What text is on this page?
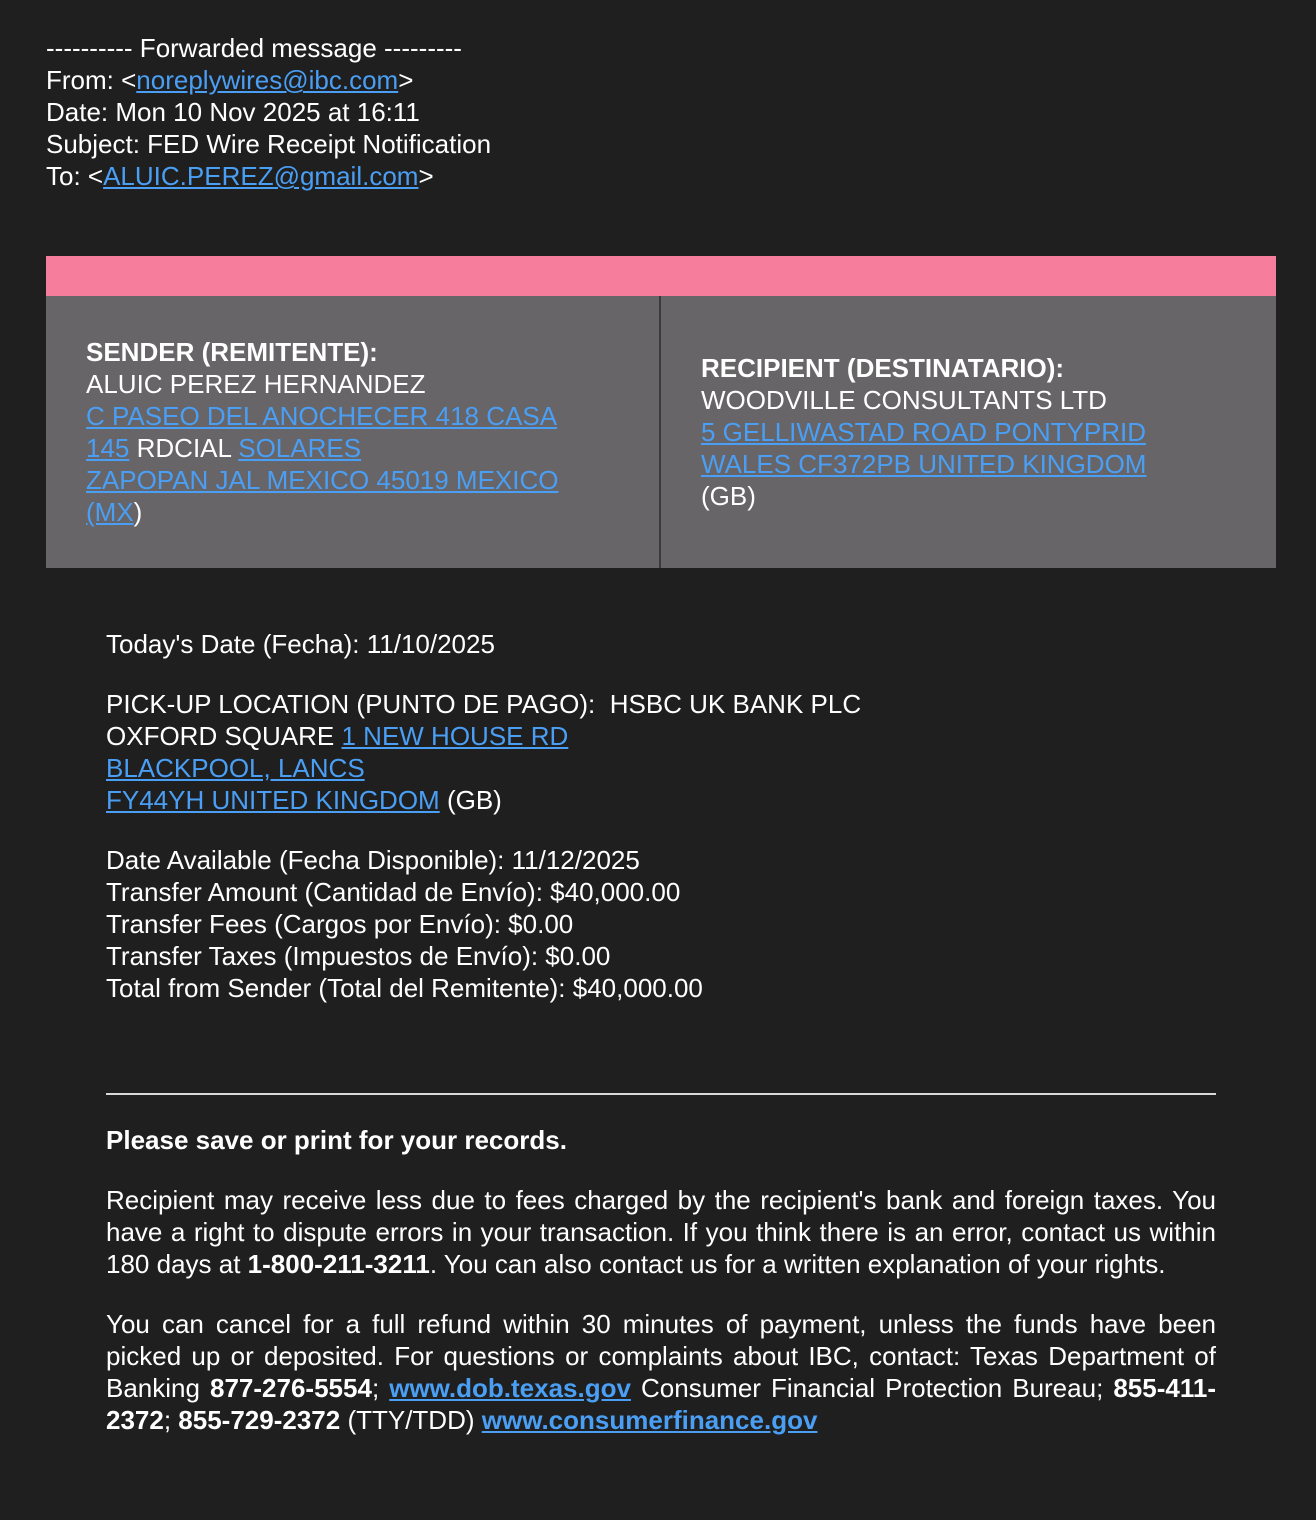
---------- Forwarded message ---------
From: <noreplywires@ibc.com>
Date: Mon 10 Nov 2025 at 16:11
Subject: FED Wire Receipt Notification
To: <ALUIC.PEREZ@gmail.com>
SENDER (REMITENTE):
ALUIC PEREZ HERNANDEZ
C PASEO DEL ANOCHECER 418 CASA
145 RDCIAL SOLARES
ZAPOPAN JAL MEXICO 45019 MEXICO
(MX)
RECIPIENT (DESTINATARIO):
WOODVILLE CONSULTANTS LTD
5 GELLIWASTAD ROAD PONTYPRID
WALES CF372PB UNITED KINGDOM
(GB)
Today's Date (Fecha): 11/10/2025
PICK-UP LOCATION (PUNTO DE PAGO):  HSBC UK BANK PLC
OXFORD SQUARE 1 NEW HOUSE RD
BLACKPOOL, LANCS
FY44YH UNITED KINGDOM (GB)
Date Available (Fecha Disponible): 11/12/2025
Transfer Amount (Cantidad de Envío): $40,000.00
Transfer Fees (Cargos por Envío): $0.00
Transfer Taxes (Impuestos de Envío): $0.00
Total from Sender (Total del Remitente): $40,000.00
Please save or print for your records.
Recipient may receive less due to fees charged by the recipient's bank and foreign taxes. You have a right to dispute errors in your transaction. If you think there is an error, contact us within 180 days at 1-800-211-3211. You can also contact us for a written explanation of your rights.
You can cancel for a full refund within 30 minutes of payment, unless the funds have been picked up or deposited. For questions or complaints about IBC, contact: Texas Department of Banking 877-276-5554; www.dob.texas.gov Consumer Financial Protection Bureau; 855-411-2372; 855-729-2372 (TTY/TDD) www.consumerfinance.gov
